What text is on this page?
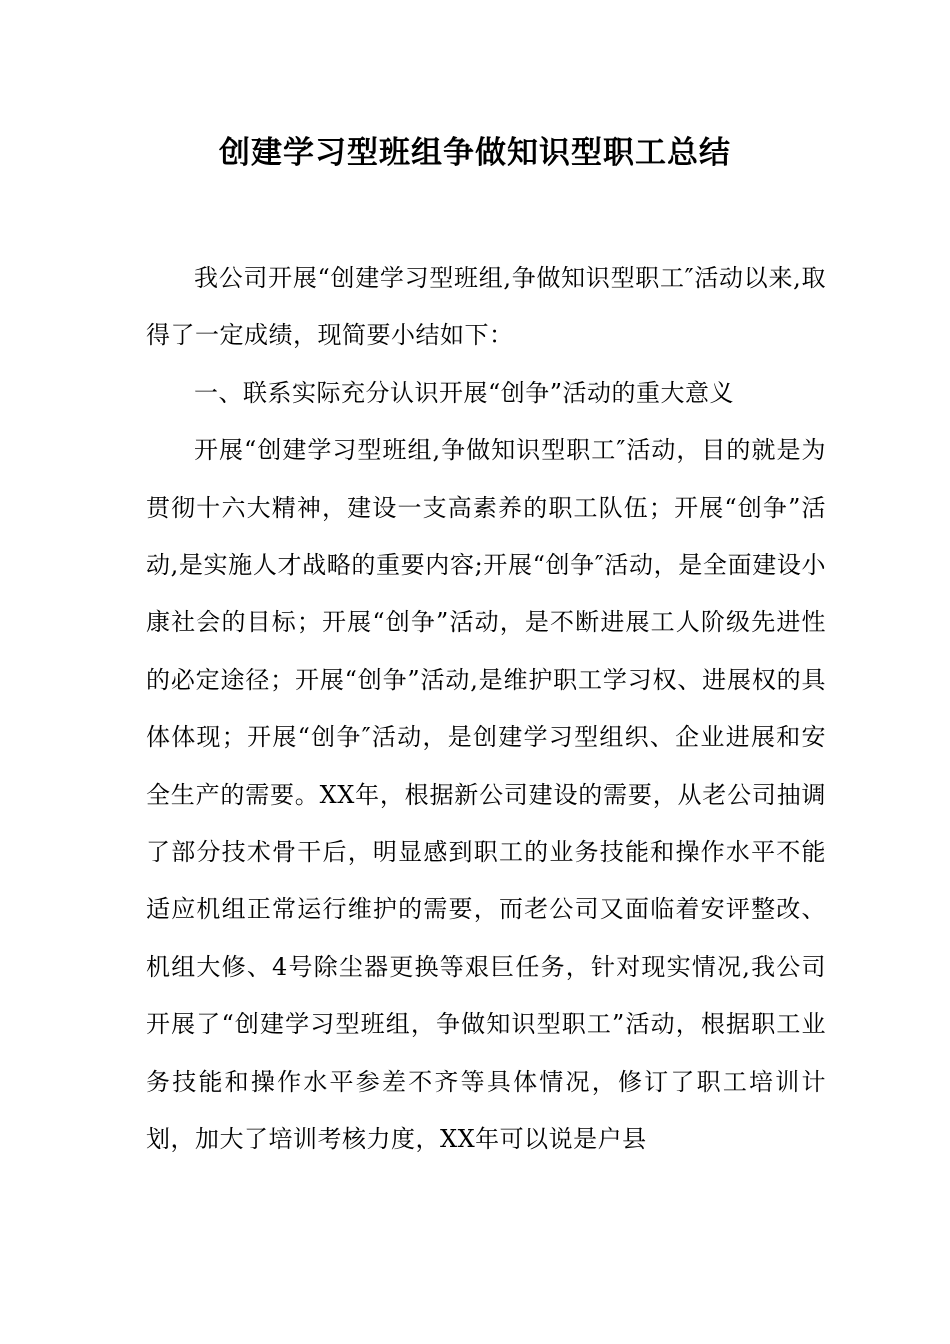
创建学习型班组争做知识型职工总结

我公司开展“创建学习型班组,争做知识型职工″活动以来,取得了一定成绩，现简要小结如下：

一、联系实际充分认识开展“创争”活动的重大意义

开展“创建学习型班组,争做知识型职工″活动，目的就是为贯彻十六大精神，建设一支高素养的职工队伍；开展“创争”活动,是实施人才战略的重要内容;开展“创争″活动，是全面建设小康社会的目标；开展“创争”活动，是不断进展工人阶级先进性的必定途径；开展“创争”活动,是维护职工学习权、进展权的具体体现；开展“创争″活动，是创建学习型组织、企业进展和安全生产的需要。XX年，根据新公司建设的需要，从老公司抽调了部分技术骨干后，明显感到职工的业务技能和操作水平不能适应机组正常运行维护的需要，而老公司又面临着安评整改、机组大修、4号除尘器更换等艰巨任务，针对现实情况,我公司开展了“创建学习型班组，争做知识型职工”活动，根据职工业务技能和操作水平参差不齐等具体情况，修订了职工培训计划，加大了培训考核力度，XX年可以说是户县
